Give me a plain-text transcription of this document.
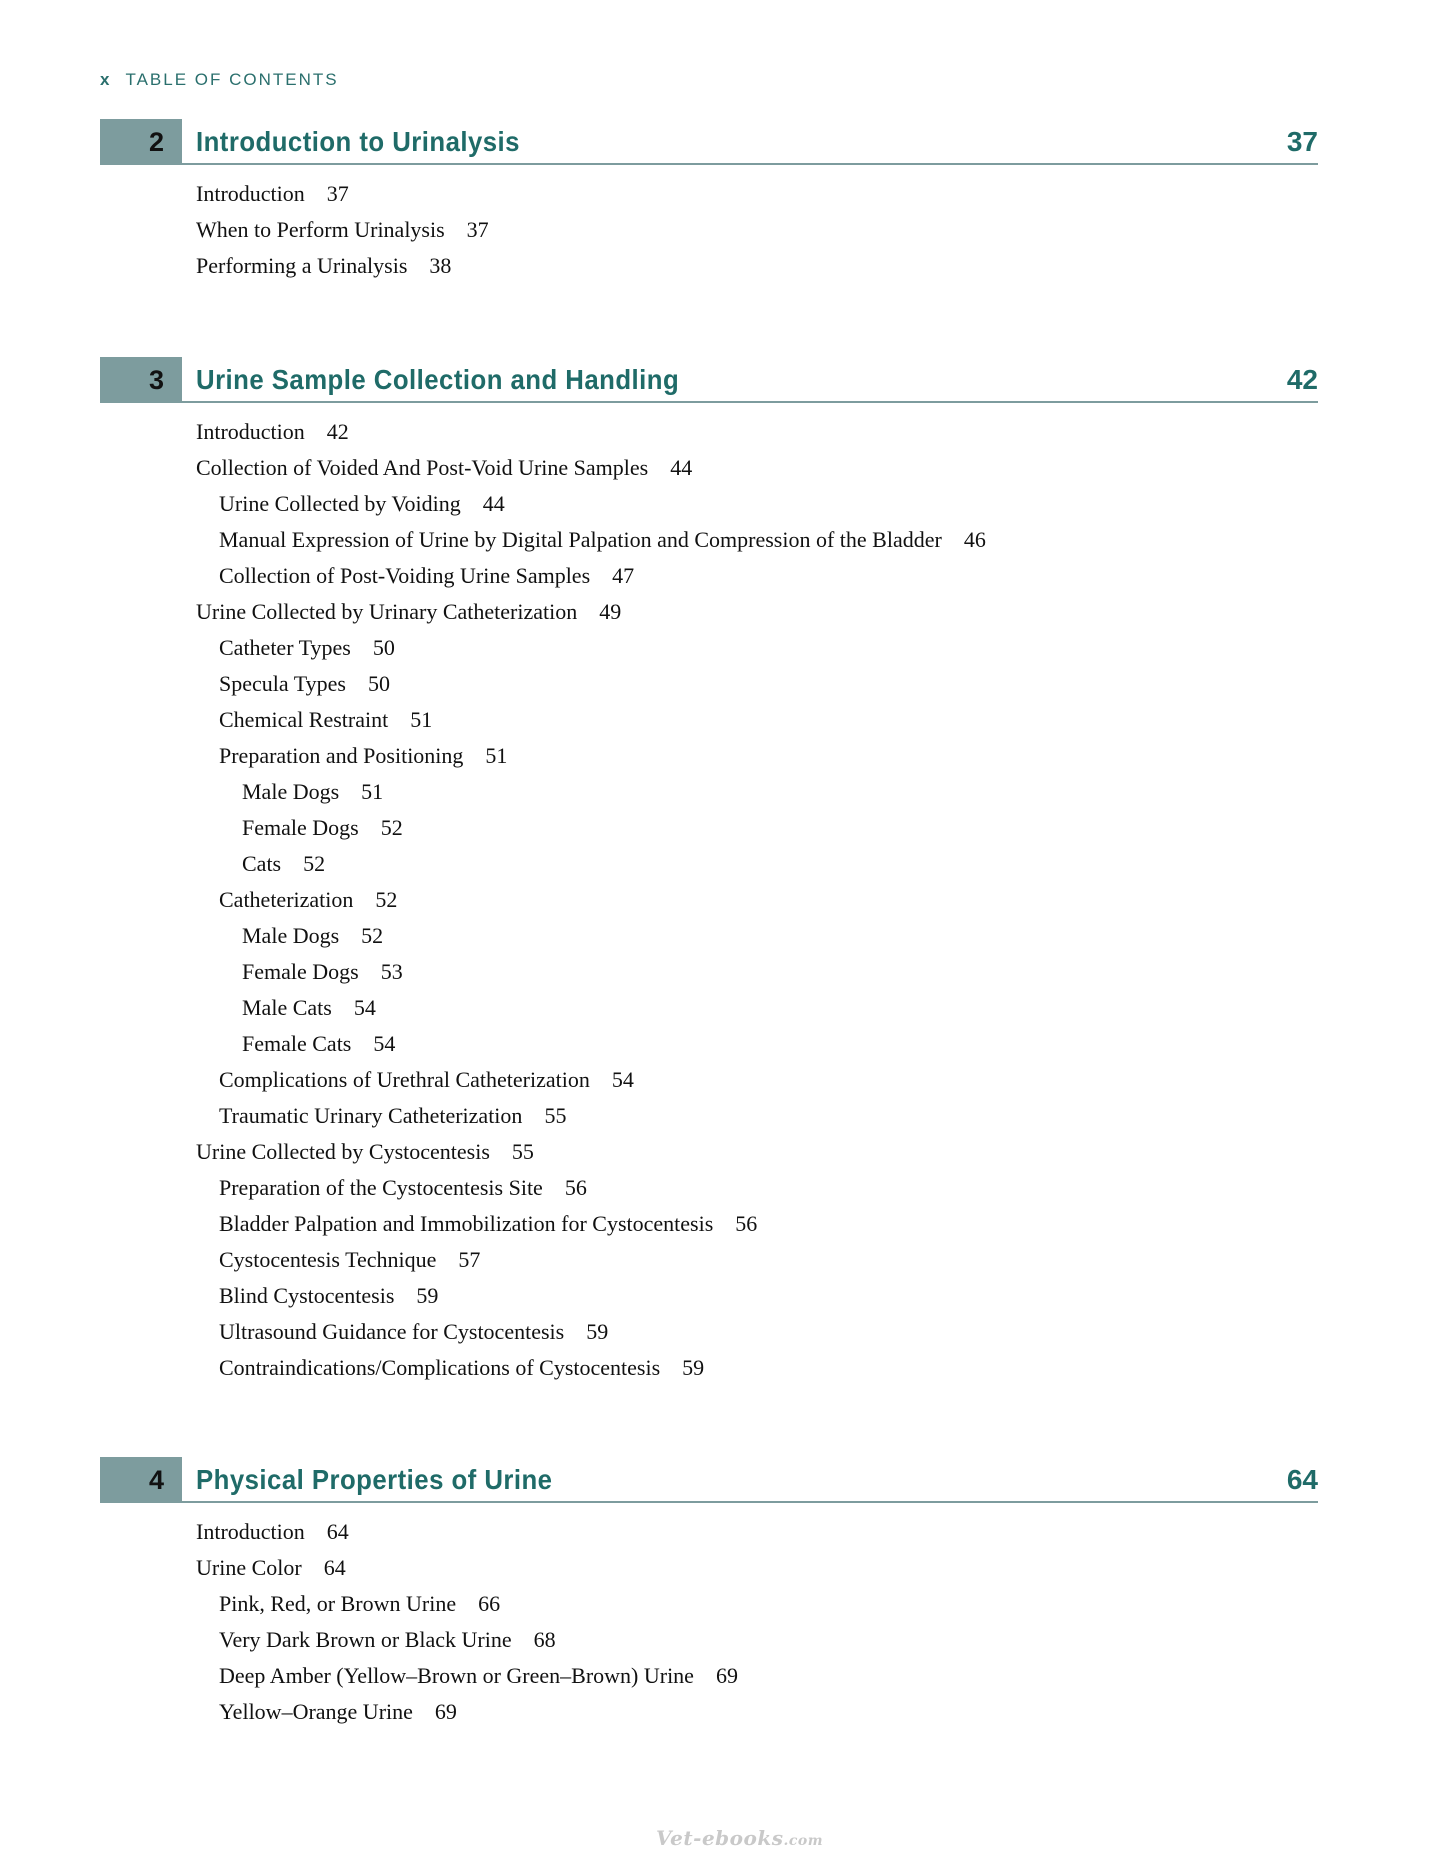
x TABLE OF CONTENTS
2	Introduction to Urinalysis	37
Introduction 37
When to Perform Urinalysis 37
Performing a Urinalysis 38
3	Urine Sample Collection and Handling	42
Introduction 42
Collection of Voided And Post-Void Urine Samples 44
Urine Collected by Voiding 44
Manual Expression of Urine by Digital Palpation and Compression of the Bladder 46
Collection of Post-Voiding Urine Samples 47
Urine Collected by Urinary Catheterization 49
Catheter Types 50
Specula Types 50
Chemical Restraint 51
Preparation and Positioning 51
Male Dogs 51
Female Dogs 52
Cats 52
Catheterization 52
Male Dogs 52
Female Dogs 53
Male Cats 54
Female Cats 54
Complications of Urethral Catheterization 54
Traumatic Urinary Catheterization 55
Urine Collected by Cystocentesis 55
Preparation of the Cystocentesis Site 56
Bladder Palpation and Immobilization for Cystocentesis 56
Cystocentesis Technique 57
Blind Cystocentesis 59
Ultrasound Guidance for Cystocentesis 59
Contraindications/Complications of Cystocentesis 59
4	Physical Properties of Urine	64
Introduction 64
Urine Color 64
Pink, Red, or Brown Urine 66
Very Dark Brown or Black Urine 68
Deep Amber (Yellow–Brown or Green–Brown) Urine 69
Yellow–Orange Urine 69
Vet-ebooks.com
